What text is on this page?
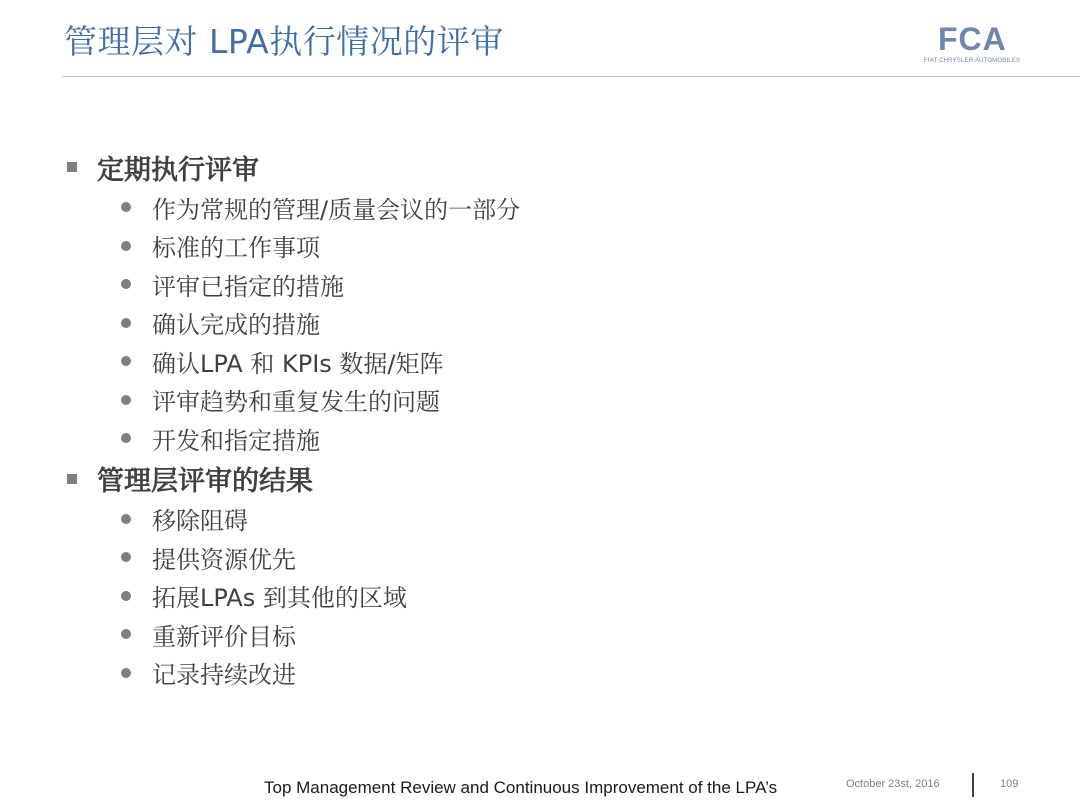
管理层对 LPA执行情况的评审	FCA
FIAT CHRYSLER AUTOMOBILES
定期执行评审
作为常规的管理/质量会议的一部分
标准的工作事项
评审已指定的措施
确认完成的措施
确认LPA 和 KPIs 数据/矩阵
评审趋势和重复发生的问题
开发和指定措施
管理层评审的结果
移除阻碍
提供资源优先
拓展LPAs 到其他的区域
重新评价目标
记录持续改进
Top Management Review and Continuous Improvement of the LPA’s	October 23st, 2016	109
